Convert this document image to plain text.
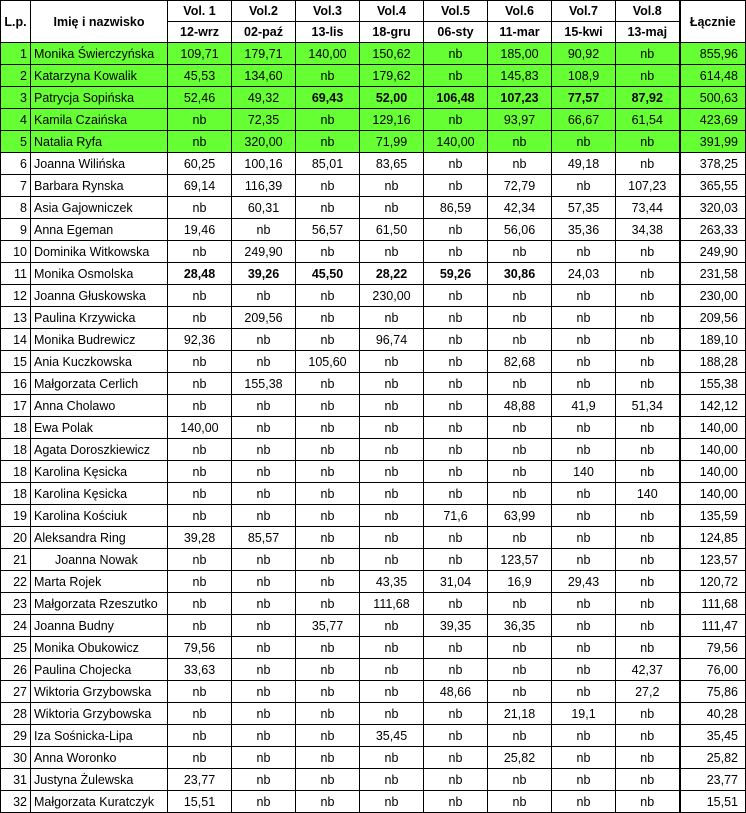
L.p.	Imię i nazwisko	Vol. 1	Vol.2	Vol.3	Vol.4	Vol.5	Vol.6	Vol.7	Vol.8	Łącznie
		12-wrz	02-paź	13-lis	18-gru	06-sty	11-mar	15-kwi	13-maj	
1	Monika Świerczyńska	109,71	179,71	140,00	150,62	nb	185,00	90,92	nb	855,96
2	Katarzyna Kowalik	45,53	134,60	nb	179,62	nb	145,83	108,9	nb	614,48
3	Patrycja Sopińska	52,46	49,32	69,43	52,00	106,48	107,23	77,57	87,92	500,63
4	Kamila Czaińska	nb	72,35	nb	129,16	nb	93,97	66,67	61,54	423,69
5	Natalia Ryfa	nb	320,00	nb	71,99	140,00	nb	nb	nb	391,99
6	Joanna Wilińska	60,25	100,16	85,01	83,65	nb	nb	49,18	nb	378,25
7	Barbara Rynska	69,14	116,39	nb	nb	nb	72,79	nb	107,23	365,55
8	Asia Gajowniczek	nb	60,31	nb	nb	86,59	42,34	57,35	73,44	320,03
9	Anna Egeman	19,46	nb	56,57	61,50	nb	56,06	35,36	34,38	263,33
10	Dominika Witkowska	nb	249,90	nb	nb	nb	nb	nb	nb	249,90
11	Monika Osmolska	28,48	39,26	45,50	28,22	59,26	30,86	24,03	nb	231,58
12	Joanna Głuskowska	nb	nb	nb	230,00	nb	nb	nb	nb	230,00
13	Paulina Krzywicka	nb	209,56	nb	nb	nb	nb	nb	nb	209,56
14	Monika Budrewicz	92,36	nb	nb	96,74	nb	nb	nb	nb	189,10
15	Ania Kuczkowska	nb	nb	105,60	nb	nb	82,68	nb	nb	188,28
16	Małgorzata Cerlich	nb	155,38	nb	nb	nb	nb	nb	nb	155,38
17	Anna Cholawo	nb	nb	nb	nb	nb	48,88	41,9	51,34	142,12
18	Ewa Polak	140,00	nb	nb	nb	nb	nb	nb	nb	140,00
18	Agata Doroszkiewicz	nb	nb	nb	nb	nb	nb	nb	nb	140,00
18	Karolina Kęsicka	nb	nb	nb	nb	nb	nb	140	nb	140,00
18	Karolina Kęsicka	nb	nb	nb	nb	nb	nb	nb	140	140,00
19	Karolina Kościuk	nb	nb	nb	nb	71,6	63,99	nb	nb	135,59
20	Aleksandra Ring	39,28	85,57	nb	nb	nb	nb	nb	nb	124,85
21	Joanna Nowak	nb	nb	nb	nb	nb	123,57	nb	nb	123,57
22	Marta Rojek	nb	nb	nb	43,35	31,04	16,9	29,43	nb	120,72
23	Małgorzata Rzeszutko	nb	nb	nb	111,68	nb	nb	nb	nb	111,68
24	Joanna Budny	nb	nb	35,77	nb	39,35	36,35	nb	nb	111,47
25	Monika Obukowicz	79,56	nb	nb	nb	nb	nb	nb	nb	79,56
26	Paulina Chojecka	33,63	nb	nb	nb	nb	nb	nb	42,37	76,00
27	Wiktoria Grzybowska	nb	nb	nb	nb	48,66	nb	nb	27,2	75,86
28	Wiktoria Grzybowska	nb	nb	nb	nb	nb	21,18	19,1	nb	40,28
29	Iza Sośnicka-Lipa	nb	nb	nb	35,45	nb	nb	nb	nb	35,45
30	Anna Woronko	nb	nb	nb	nb	nb	25,82	nb	nb	25,82
31	Justyna Żulewska	23,77	nb	nb	nb	nb	nb	nb	nb	23,77
32	Małgorzata Kuratczyk	15,51	nb	nb	nb	nb	nb	nb	nb	15,51
